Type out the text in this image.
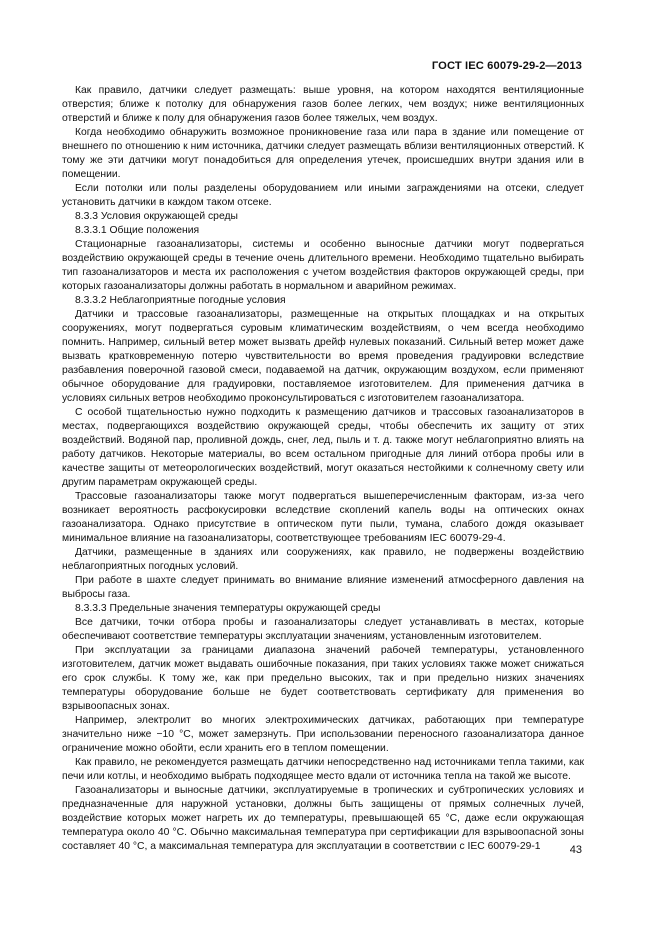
ГОСТ IEC 60079-29-2—2013

Как правило, датчики следует размещать: выше уровня, на котором находятся вентиляционные отверстия; ближе к потолку для обнаружения газов более легких, чем воздух; ниже вентиляционных отверстий и ближе к полу для обнаружения газов более тяжелых, чем воздух.

Когда необходимо обнаружить возможное проникновение газа или пара в здание или помещение от внешнего по отношению к ним источника, датчики следует размещать вблизи вентиляционных отверстий. К тому же эти датчики могут понадобиться для определения утечек, происшедших внутри здания или в помещении.

Если потолки или полы разделены оборудованием или иными заграждениями на отсеки, следует установить датчики в каждом таком отсеке.

8.3.3 Условия окружающей среды

8.3.3.1 Общие положения

Стационарные газоанализаторы, системы и особенно выносные датчики могут подвергаться воздействию окружающей среды в течение очень длительного времени. Необходимо тщательно выбирать тип газоанализаторов и места их расположения с учетом воздействия факторов окружающей среды, при которых газоанализаторы должны работать в нормальном и аварийном режимах.

8.3.3.2 Неблагоприятные погодные условия

Датчики и трассовые газоанализаторы, размещенные на открытых площадках и на открытых сооружениях, могут подвергаться суровым климатическим воздействиям, о чем всегда необходимо помнить. Например, сильный ветер может вызвать дрейф нулевых показаний. Сильный ветер может даже вызвать кратковременную потерю чувствительности во время проведения градуировки вследствие разбавления поверочной газовой смеси, подаваемой на датчик, окружающим воздухом, если применяют обычное оборудование для градуировки, поставляемое изготовителем. Для применения датчика в условиях сильных ветров необходимо проконсультироваться с изготовителем газоанализатора.

С особой тщательностью нужно подходить к размещению датчиков и трассовых газоанализаторов в местах, подвергающихся воздействию окружающей среды, чтобы обеспечить их защиту от этих воздействий. Водяной пар, проливной дождь, снег, лед, пыль и т. д. также могут неблагоприятно влиять на работу датчиков. Некоторые материалы, во всем остальном пригодные для линий отбора пробы или в качестве защиты от метеорологических воздействий, могут оказаться нестойкими к солнечному свету или другим параметрам окружающей среды.

Трассовые газоанализаторы также могут подвергаться вышеперечисленным факторам, из-за чего возникает вероятность расфокусировки вследствие скоплений капель воды на оптических окнах газоанализатора. Однако присутствие в оптическом пути пыли, тумана, слабого дождя оказывает минимальное влияние на газоанализаторы, соответствующее требованиям IEC 60079-29-4.

Датчики, размещенные в зданиях или сооружениях, как правило, не подвержены воздействию неблагоприятных погодных условий.

При работе в шахте следует принимать во внимание влияние изменений атмосферного давления на выбросы газа.

8.3.3.3 Предельные значения температуры окружающей среды

Все датчики, точки отбора пробы и газоанализаторы следует устанавливать в местах, которые обеспечивают соответствие температуры эксплуатации значениям, установленным изготовителем.

При эксплуатации за границами диапазона значений рабочей температуры, установленного изготовителем, датчик может выдавать ошибочные показания, при таких условиях также может снижаться его срок службы. К тому же, как при предельно высоких, так и при предельно низких значениях температуры оборудование больше не будет соответствовать сертификату для применения во взрывоопасных зонах.

Например, электролит во многих электрохимических датчиках, работающих при температуре значительно ниже −10 °С, может замерзнуть. При использовании переносного газоанализатора данное ограничение можно обойти, если хранить его в теплом помещении.

Как правило, не рекомендуется размещать датчики непосредственно над источниками тепла такими, как печи или котлы, и необходимо выбрать подходящее место вдали от источника тепла на такой же высоте.

Газоанализаторы и выносные датчики, эксплуатируемые в тропических и субтропических условиях и предназначенные для наружной установки, должны быть защищены от прямых солнечных лучей, воздействие которых может нагреть их до температуры, превышающей 65 °С, даже если окружающая температура около 40 °С. Обычно максимальная температура при сертификации для взрывоопасной зоны составляет 40 °С, а максимальная температура для эксплуатации в соответствии с IEC 60079-29-1	43
